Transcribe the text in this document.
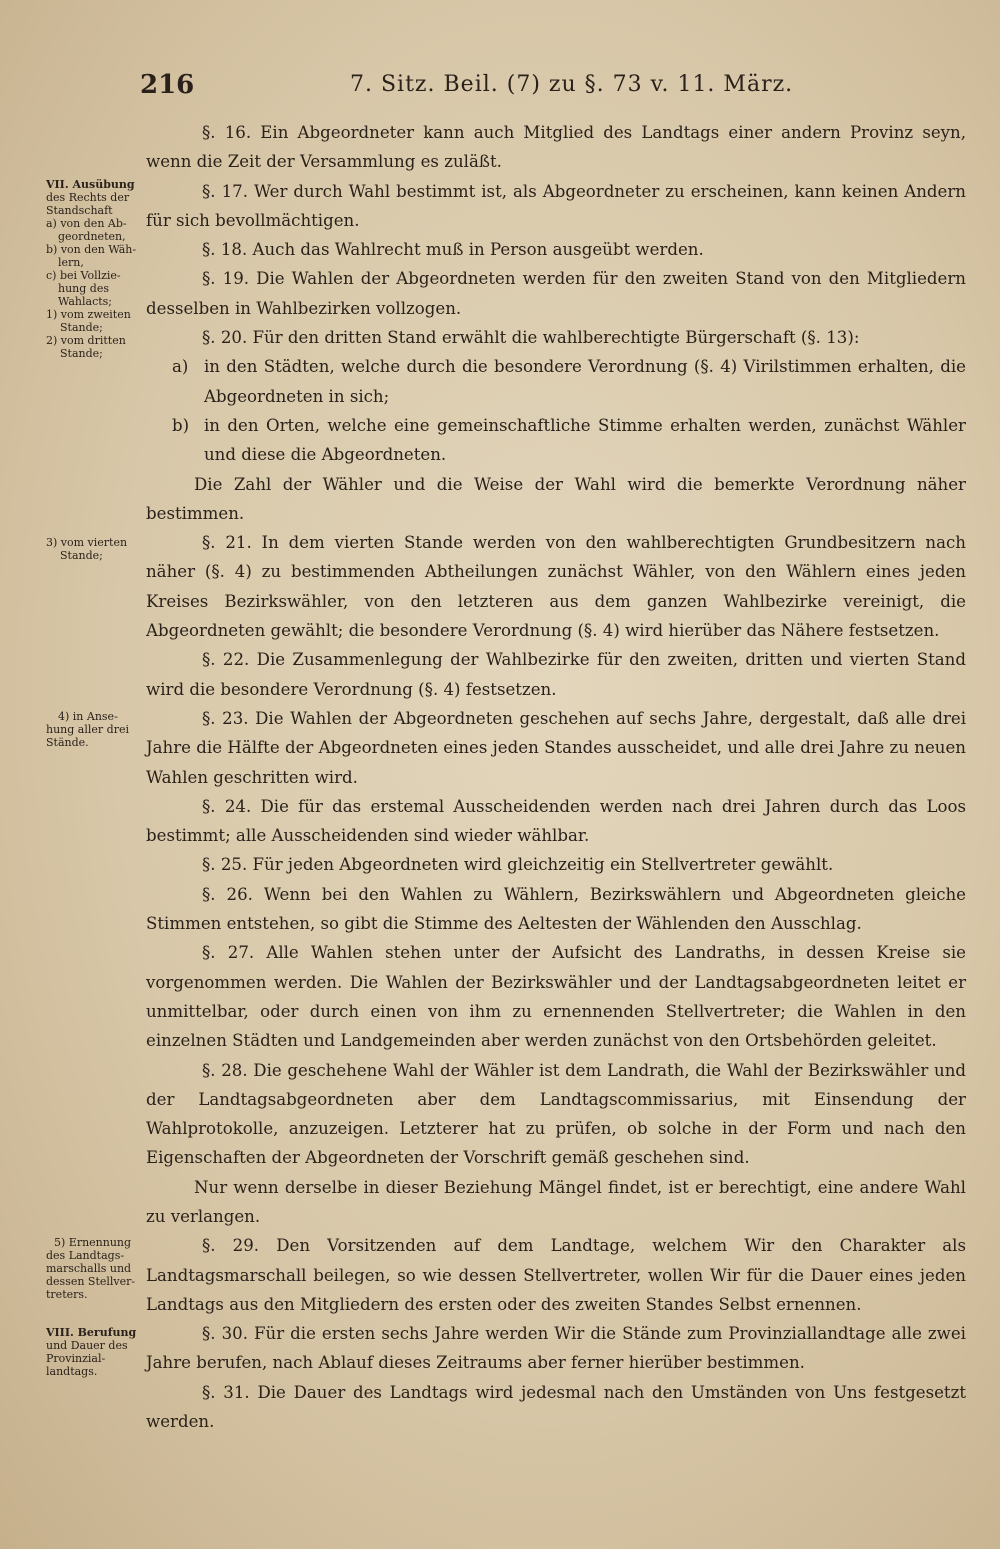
216	7. Sitz. Beil. (7) zu §. 73 v. 11. März.
VII. Ausübung
des Rechts der
Standschaft
a) von den Ab-
geordneten,
b) von den Wäh-
lern,
c) bei Vollzie-
hung des
Wahlacts;
1) vom zweiten
Stande;
2) vom dritten
Stande;
3) vom vierten
Stande;
4) in Anse-
hung aller drei
Stände.
5) Ernennung
des Landtags-
marschalls und
dessen Stellver-
treters.
VIII. Berufung
und Dauer des
Provinzial-
landtags.

§. 16. Ein Abgeordneter kann auch Mitglied des Landtags einer andern Provinz seyn, wenn die Zeit der Versammlung es zuläßt.

§. 17. Wer durch Wahl bestimmt ist, als Abgeordneter zu erscheinen, kann keinen Andern für sich bevollmächtigen.

§. 18. Auch das Wahlrecht muß in Person ausgeübt werden.

§. 19. Die Wahlen der Abgeordneten werden für den zweiten Stand von den Mitgliedern desselben in Wahlbezirken vollzogen.

§. 20. Für den dritten Stand erwählt die wahlberechtigte Bürgerschaft (§. 13):

a) in den Städten, welche durch die besondere Verordnung (§. 4) Virilstimmen erhalten, die Abgeordneten in sich;
b) in den Orten, welche eine gemeinschaftliche Stimme erhalten werden, zunächst Wähler und diese die Abgeordneten.

Die Zahl der Wähler und die Weise der Wahl wird die bemerkte Verordnung näher bestimmen.

§. 21. In dem vierten Stande werden von den wahlberechtigten Grundbesitzern nach näher (§. 4) zu bestimmenden Abtheilungen zunächst Wähler, von den Wählern eines jeden Kreises Bezirkswähler, von den letzteren aus dem ganzen Wahlbezirke vereinigt, die Abgeordneten gewählt; die besondere Verordnung (§. 4) wird hierüber das Nähere festsetzen.

§. 22. Die Zusammenlegung der Wahlbezirke für den zweiten, dritten und vierten Stand wird die besondere Verordnung (§. 4) festsetzen.

§. 23. Die Wahlen der Abgeordneten geschehen auf sechs Jahre, dergestalt, daß alle drei Jahre die Hälfte der Abgeordneten eines jeden Standes ausscheidet, und alle drei Jahre zu neuen Wahlen geschritten wird.

§. 24. Die für das erstemal Ausscheidenden werden nach drei Jahren durch das Loos bestimmt; alle Ausscheidenden sind wieder wählbar.

§. 25. Für jeden Abgeordneten wird gleichzeitig ein Stellvertreter gewählt.

§. 26. Wenn bei den Wahlen zu Wählern, Bezirkswählern und Abgeordneten gleiche Stimmen entstehen, so gibt die Stimme des Aeltesten der Wählenden den Ausschlag.

§. 27. Alle Wahlen stehen unter der Aufsicht des Landraths, in dessen Kreise sie vorgenommen werden. Die Wahlen der Bezirkswähler und der Landtagsabgeordneten leitet er unmittelbar, oder durch einen von ihm zu ernennenden Stellvertreter; die Wahlen in den einzelnen Städten und Landgemeinden aber werden zunächst von den Ortsbehörden geleitet.

§. 28. Die geschehene Wahl der Wähler ist dem Landrath, die Wahl der Bezirkswähler und der Landtagsabgeordneten aber dem Landtagscommissarius, mit Einsendung der Wahlprotokolle, anzuzeigen. Letzterer hat zu prüfen, ob solche in der Form und nach den Eigenschaften der Abgeordneten der Vorschrift gemäß geschehen sind.

Nur wenn derselbe in dieser Beziehung Mängel findet, ist er berechtigt, eine andere Wahl zu verlangen.

§. 29. Den Vorsitzenden auf dem Landtage, welchem Wir den Charakter als Landtagsmarschall beilegen, so wie dessen Stellvertreter, wollen Wir für die Dauer eines jeden Landtags aus den Mitgliedern des ersten oder des zweiten Standes Selbst ernennen.

§. 30. Für die ersten sechs Jahre werden Wir die Stände zum Provinziallandtage alle zwei Jahre berufen, nach Ablauf dieses Zeitraums aber ferner hierüber bestimmen.

§. 31. Die Dauer des Landtags wird jedesmal nach den Umständen von Uns festgesetzt werden.
